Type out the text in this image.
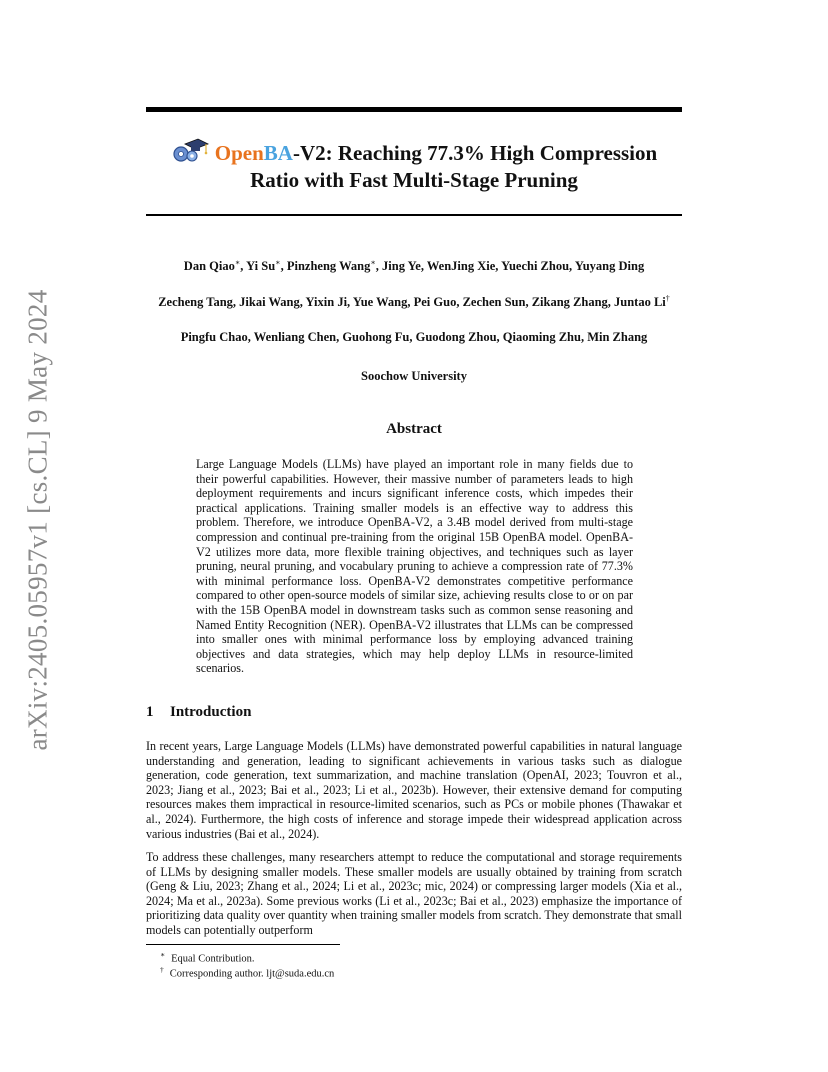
arXiv:2405.05957v1 [cs.CL] 9 May 2024
OpenBA-V2: Reaching 77.3% High Compression
Ratio with Fast Multi-Stage Pruning
Dan Qiao∗, Yi Su∗, Pinzheng Wang∗, Jing Ye, WenJing Xie, Yuechi Zhou, Yuyang Ding
Zecheng Tang, Jikai Wang, Yixin Ji, Yue Wang, Pei Guo, Zechen Sun, Zikang Zhang, Juntao Li†
Pingfu Chao, Wenliang Chen, Guohong Fu, Guodong Zhou, Qiaoming Zhu, Min Zhang
Soochow University
Abstract
Large Language Models (LLMs) have played an important role in many fields due to their powerful capabilities. However, their massive number of parameters leads to high deployment requirements and incurs significant inference costs, which impedes their practical applications. Training smaller models is an effective way to address this problem. Therefore, we introduce OpenBA-V2, a 3.4B model derived from multi-stage compression and continual pre-training from the original 15B OpenBA model. OpenBA-V2 utilizes more data, more flexible training objectives, and techniques such as layer pruning, neural pruning, and vocabulary pruning to achieve a compression rate of 77.3% with minimal performance loss. OpenBA-V2 demonstrates competitive performance compared to other open-source models of similar size, achieving results close to or on par with the 15B OpenBA model in downstream tasks such as common sense reasoning and Named Entity Recognition (NER). OpenBA-V2 illustrates that LLMs can be compressed into smaller ones with minimal performance loss by employing advanced training objectives and data strategies, which may help deploy LLMs in resource-limited scenarios.
1 Introduction
In recent years, Large Language Models (LLMs) have demonstrated powerful capabilities in natural language understanding and generation, leading to significant achievements in various tasks such as dialogue generation, code generation, text summarization, and machine translation (OpenAI, 2023; Touvron et al., 2023; Jiang et al., 2023; Bai et al., 2023; Li et al., 2023b). However, their extensive demand for computing resources makes them impractical in resource-limited scenarios, such as PCs or mobile phones (Thawakar et al., 2024). Furthermore, the high costs of inference and storage impede their widespread application across various industries (Bai et al., 2024).
To address these challenges, many researchers attempt to reduce the computational and storage requirements of LLMs by designing smaller models. These smaller models are usually obtained by training from scratch (Geng & Liu, 2023; Zhang et al., 2024; Li et al., 2023c; mic, 2024) or compressing larger models (Xia et al., 2024; Ma et al., 2023a). Some previous works (Li et al., 2023c; Bai et al., 2023) emphasize the importance of prioritizing data quality over quantity when training smaller models from scratch. They demonstrate that small models can potentially outperform
∗ Equal Contribution.
† Corresponding author. ljt@suda.edu.cn
